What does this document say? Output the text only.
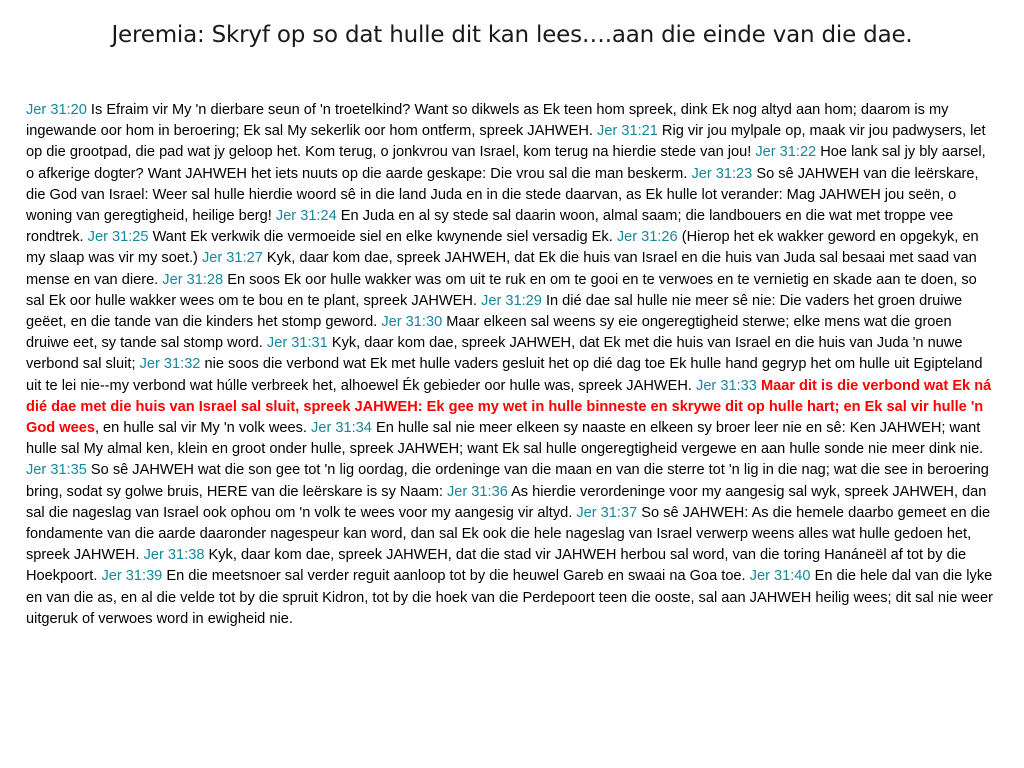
Jeremia: Skryf op so dat hulle dit kan lees….aan die einde van die dae.
Jer 31:20 Is Efraim vir My 'n dierbare seun of 'n troetelkind? Want so dikwels as Ek teen hom spreek, dink Ek nog altyd aan hom; daarom is my ingewande oor hom in beroering; Ek sal My sekerlik oor hom ontferm, spreek JAHWEH. Jer 31:21 Rig vir jou mylpale op, maak vir jou padwysers, let op die grootpad, die pad wat jy geloop het. Kom terug, o jonkvrou van Israel, kom terug na hierdie stede van jou! Jer 31:22 Hoe lank sal jy bly aarsel, o afkerige dogter? Want JAHWEH het iets nuuts op die aarde geskape: Die vrou sal die man beskerm. Jer 31:23 So sê JAHWEH van die leërskare, die God van Israel: Weer sal hulle hierdie woord sê in die land Juda en in die stede daarvan, as Ek hulle lot verander: Mag JAHWEH jou seën, o woning van geregtigheid, heilige berg! Jer 31:24 En Juda en al sy stede sal daarin woon, almal saam; die landbouers en die wat met troppe vee rondtrek. Jer 31:25 Want Ek verkwik die vermoeide siel en elke kwynende siel versadig Ek. Jer 31:26 (Hierop het ek wakker geword en opgekyk, en my slaap was vir my soet.) Jer 31:27 Kyk, daar kom dae, spreek JAHWEH, dat Ek die huis van Israel en die huis van Juda sal besaai met saad van mense en van diere. Jer 31:28 En soos Ek oor hulle wakker was om uit te ruk en om te gooi en te verwoes en te vernietig en skade aan te doen, so sal Ek oor hulle wakker wees om te bou en te plant, spreek JAHWEH. Jer 31:29 In dié dae sal hulle nie meer sê nie: Die vaders het groen druiwe geëet, en die tande van die kinders het stomp geword. Jer 31:30 Maar elkeen sal weens sy eie ongeregtigheid sterwe; elke mens wat die groen druiwe eet, sy tande sal stomp word. Jer 31:31 Kyk, daar kom dae, spreek JAHWEH, dat Ek met die huis van Israel en die huis van Juda 'n nuwe verbond sal sluit; Jer 31:32 nie soos die verbond wat Ek met hulle vaders gesluit het op dié dag toe Ek hulle hand gegryp het om hulle uit Egipteland uit te lei nie--my verbond wat húlle verbreek het, alhoewel Ék gebieder oor hulle was, spreek JAHWEH. Jer 31:33 Maar dit is die verbond wat Ek ná dié dae met die huis van Israel sal sluit, spreek JAHWEH: Ek gee my wet in hulle binneste en skrywe dit op hulle hart; en Ek sal vir hulle 'n God wees, en hulle sal vir My 'n volk wees. Jer 31:34 En hulle sal nie meer elkeen sy naaste en elkeen sy broer leer nie en sê: Ken JAHWEH; want hulle sal My almal ken, klein en groot onder hulle, spreek JAHWEH; want Ek sal hulle ongeregtigheid vergewe en aan hulle sonde nie meer dink nie. Jer 31:35 So sê JAHWEH wat die son gee tot 'n lig oordag, die ordeninge van die maan en van die sterre tot 'n lig in die nag; wat die see in beroering bring, sodat sy golwe bruis, HERE van die leërskare is sy Naam: Jer 31:36 As hierdie verordeninge voor my aangesig sal wyk, spreek JAHWEH, dan sal die nageslag van Israel ook ophou om 'n volk te wees voor my aangesig vir altyd. Jer 31:37 So sê JAHWEH: As die hemele daarbo gemeet en die fondamente van die aarde daaronder nagespeur kan word, dan sal Ek ook die hele nageslag van Israel verwerp weens alles wat hulle gedoen het, spreek JAHWEH. Jer 31:38 Kyk, daar kom dae, spreek JAHWEH, dat die stad vir JAHWEH herbou sal word, van die toring Hanáneël af tot by die Hoekpoort. Jer 31:39 En die meetsnoer sal verder reguit aanloop tot by die heuwel Gareb en swaai na Goa toe. Jer 31:40 En die hele dal van die lyke en van die as, en al die velde tot by die spruit Kidron, tot by die hoek van die Perdepoort teen die ooste, sal aan JAHWEH heilig wees; dit sal nie weer uitgeruk of verwoes word in ewigheid nie.
